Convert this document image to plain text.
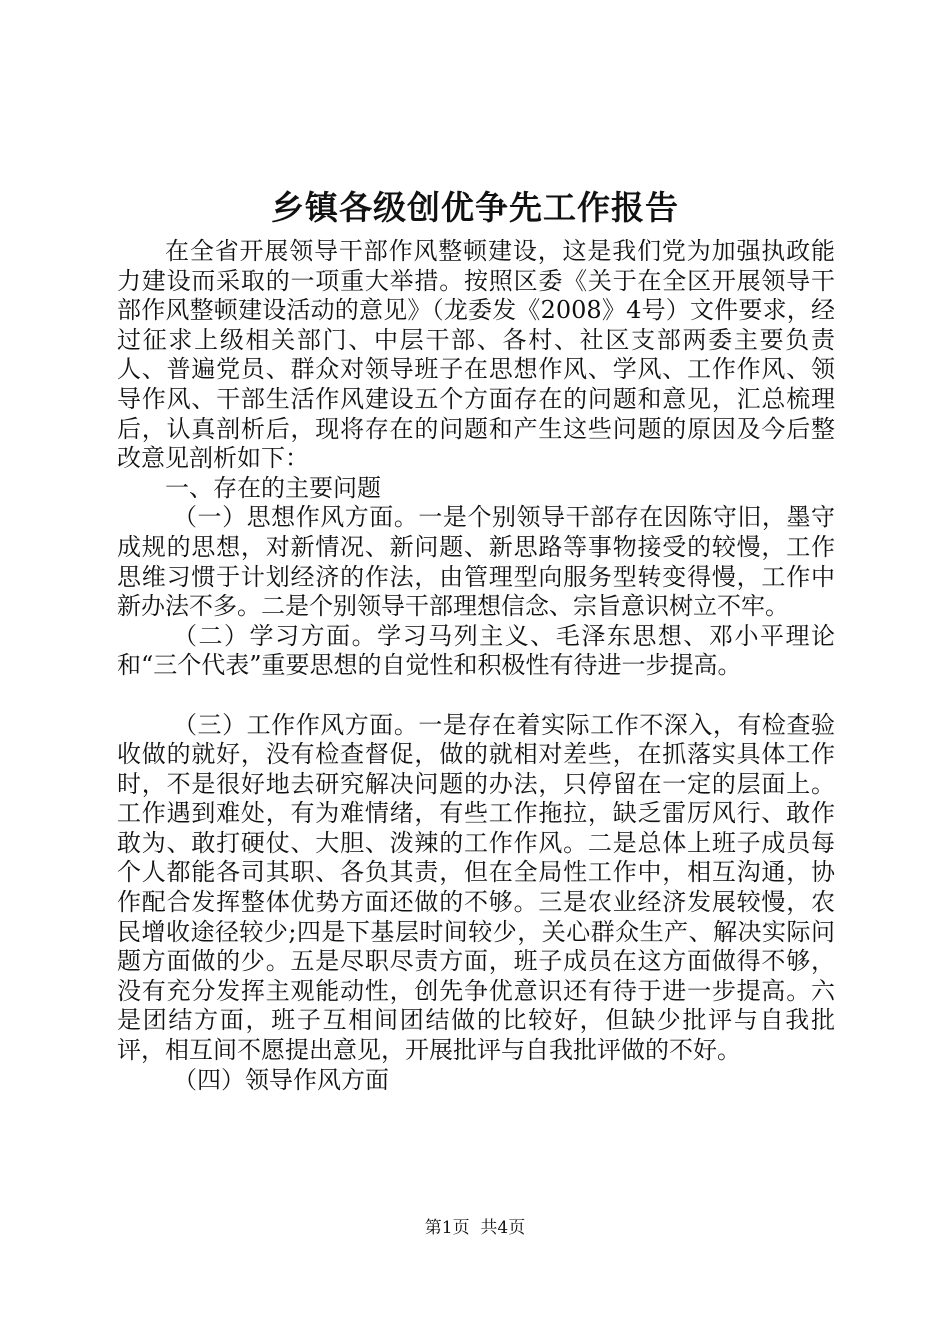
乡镇各级创优争先工作报告

在全省开展领导干部作风整顿建设，这是我们党为加强执政能力建设而采取的一项重大举措。按照区委《关于在全区开展领导干部作风整顿建设活动的意见》（龙委发《2008》4号）文件要求，经过征求上级相关部门、中层干部、各村、社区支部两委主要负责人、普遍党员、群众对领导班子在思想作风、学风、工作作风、领导作风、干部生活作风建设五个方面存在的问题和意见，汇总梳理后，认真剖析后，现将存在的问题和产生这些问题的原因及今后整改意见剖析如下：

一、存在的主要问题

（一）思想作风方面。一是个别领导干部存在因陈守旧，墨守成规的思想，对新情况、新问题、新思路等事物接受的较慢，工作思维习惯于计划经济的作法，由管理型向服务型转变得慢，工作中新办法不多。二是个别领导干部理想信念、宗旨意识树立不牢。

（二）学习方面。学习马列主义、毛泽东思想、邓小平理论和“三个代表”重要思想的自觉性和积极性有待进一步提高。

（三）工作作风方面。一是存在着实际工作不深入，有检查验收做的就好，没有检查督促，做的就相对差些，在抓落实具体工作时，不是很好地去研究解决问题的办法，只停留在一定的层面上。工作遇到难处，有为难情绪，有些工作拖拉，缺乏雷厉风行、敢作敢为、敢打硬仗、大胆、泼辣的工作作风。二是总体上班子成员每个人都能各司其职、各负其责，但在全局性工作中，相互沟通，协作配合发挥整体优势方面还做的不够。三是农业经济发展较慢，农民增收途径较少;四是下基层时间较少，关心群众生产、解决实际问题方面做的少。五是尽职尽责方面，班子成员在这方面做得不够，没有充分发挥主观能动性，创先争优意识还有待于进一步提高。六是团结方面，班子互相间团结做的比较好，但缺少批评与自我批评，相互间不愿提出意见，开展批评与自我批评做的不好。

（四）领导作风方面

第1页 共4页
